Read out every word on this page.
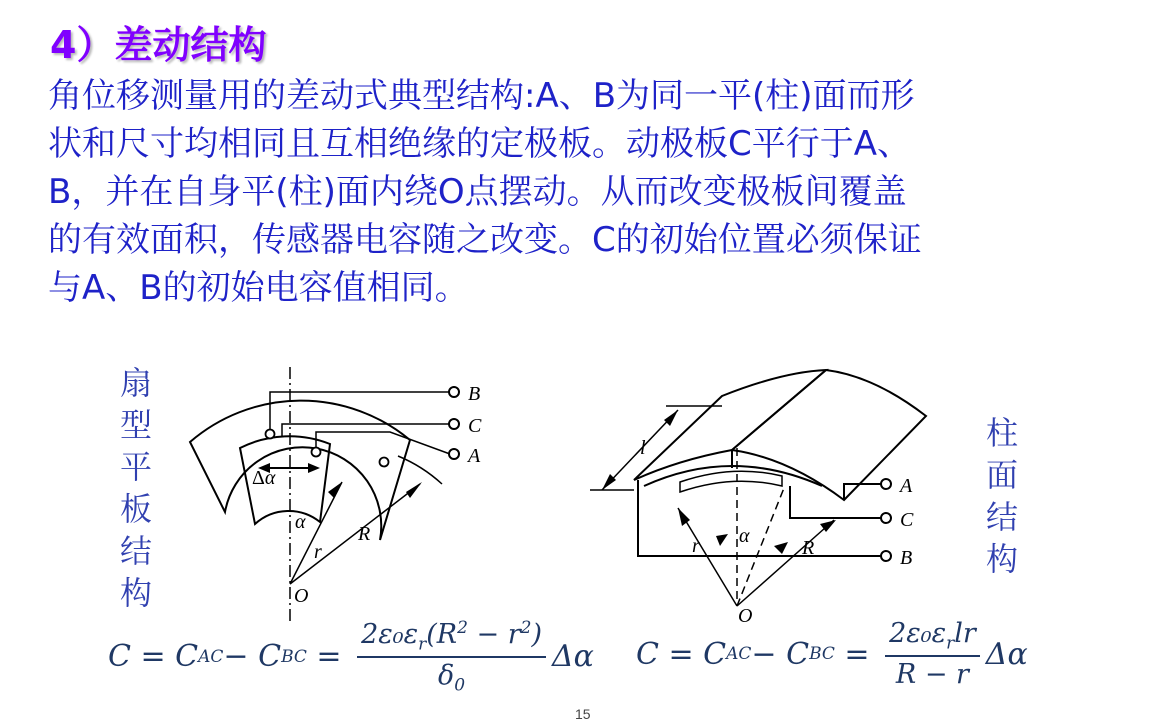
4）差动结构

角位移测量用的差动式典型结构:A、B为同一平(柱)面而形
状和尺寸均相同且互相绝缘的定极板。动极板C平行于A、
B，并在自身平(柱)面内绕O点摆动。从而改变极板间覆盖
的有效面积，传感器电容随之改变。C的初始位置必须保证
与A、B的初始电容值相同。

扇
型
平
板
结
构
Δα
α
r
R
O
B
C
A	l
α
r	R
O
A
C
B
柱
面
结
构
C = C AC − C BC = $\frac{2\varepsilon_0\varepsilon_r(R^2 - r^2)}{\delta_0}$ Δα C = C AC − C BC = $\frac{2\varepsilon_0\varepsilon_rlr}{R - r}$ Δα
15
